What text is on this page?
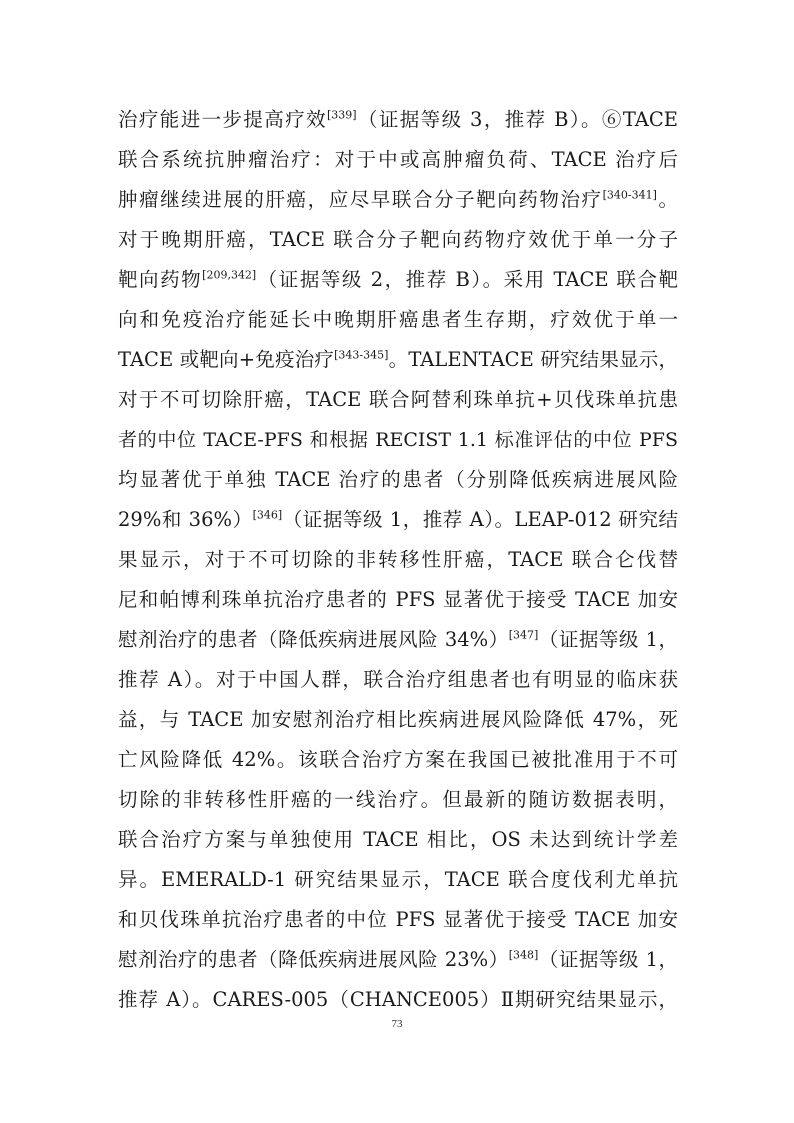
治疗能进一步提高疗效[339]（证据等级 3，推荐 B）。⑥TACE
联合系统抗肿瘤治疗：对于中或高肿瘤负荷、TACE 治疗后
肿瘤继续进展的肝癌，应尽早联合分子靶向药物治疗[340-341]。
对于晚期肝癌，TACE 联合分子靶向药物疗效优于单一分子
靶向药物[209,342]（证据等级 2，推荐 B）。采用 TACE 联合靶
向和免疫治疗能延长中晚期肝癌患者生存期，疗效优于单一
TACE 或靶向+免疫治疗[343-345]。TALENTACE 研究结果显示，
对于不可切除肝癌，TACE 联合阿替利珠单抗+贝伐珠单抗患
者的中位 TACE-PFS 和根据 RECIST 1.1 标准评估的中位 PFS
均显著优于单独 TACE 治疗的患者（分别降低疾病进展风险
29%和 36%）[346]（证据等级 1，推荐 A）。LEAP-012 研究结
果显示，对于不可切除的非转移性肝癌，TACE 联合仑伐替
尼和帕博利珠单抗治疗患者的 PFS 显著优于接受 TACE 加安
慰剂治疗的患者（降低疾病进展风险 34%）[347]（证据等级 1，
推荐 A）。对于中国人群，联合治疗组患者也有明显的临床获
益，与 TACE 加安慰剂治疗相比疾病进展风险降低 47%，死
亡风险降低 42%。该联合治疗方案在我国已被批准用于不可
切除的非转移性肝癌的一线治疗。但最新的随访数据表明，
联合治疗方案与单独使用 TACE 相比，OS 未达到统计学差
异。EMERALD-1 研究结果显示，TACE 联合度伐利尤单抗
和贝伐珠单抗治疗患者的中位 PFS 显著优于接受 TACE 加安
慰剂治疗的患者（降低疾病进展风险 23%）[348]（证据等级 1，
推荐 A）。CARES-005（CHANCE005）Ⅱ期研究结果显示，
73
